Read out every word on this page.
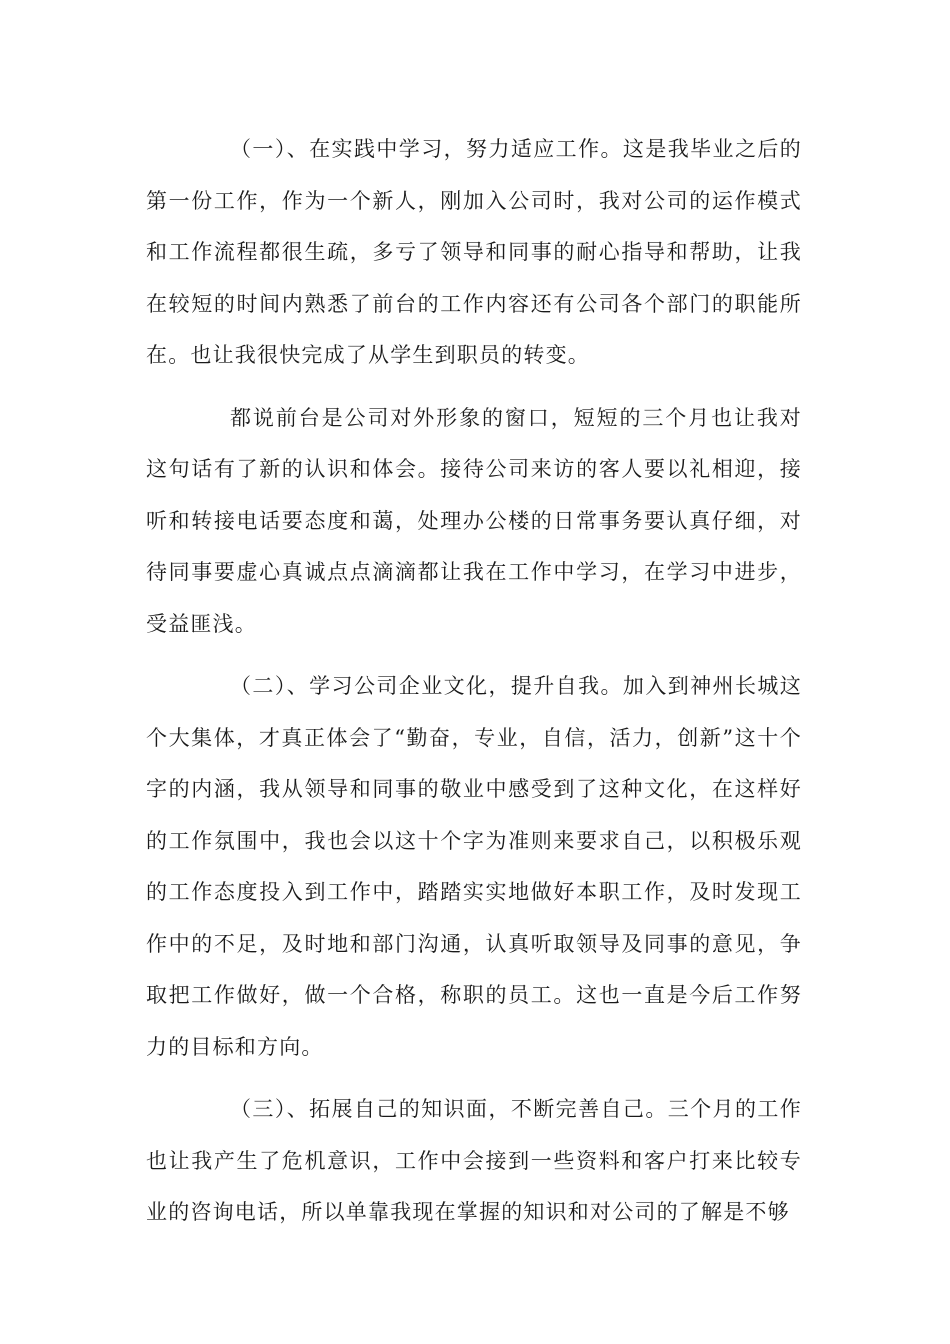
（一）、在实践中学习，努力适应工作。这是我毕业之后的第一份工作，作为一个新人，刚加入公司时，我对公司的运作模式和工作流程都很生疏，多亏了领导和同事的耐心指导和帮助，让我在较短的时间内熟悉了前台的工作内容还有公司各个部门的职能所在。也让我很快完成了从学生到职员的转变。

都说前台是公司对外形象的窗口，短短的三个月也让我对这句话有了新的认识和体会。接待公司来访的客人要以礼相迎，接听和转接电话要态度和蔼，处理办公楼的日常事务要认真仔细，对待同事要虚心真诚点点滴滴都让我在工作中学习，在学习中进步，受益匪浅。

（二）、学习公司企业文化，提升自我。加入到神州长城这个大集体，才真正体会了“勤奋，专业，自信，活力，创新”这十个字的内涵，我从领导和同事的敬业中感受到了这种文化，在这样好的工作氛围中，我也会以这十个字为准则来要求自己，以积极乐观的工作态度投入到工作中，踏踏实实地做好本职工作，及时发现工作中的不足，及时地和部门沟通，认真听取领导及同事的意见，争取把工作做好，做一个合格，称职的员工。这也一直是今后工作努力的目标和方向。

（三）、拓展自己的知识面，不断完善自己。三个月的工作也让我产生了危机意识，工作中会接到一些资料和客户打来比较专业的咨询电话，所以单靠我现在掌握的知识和对公司的了解是不够
